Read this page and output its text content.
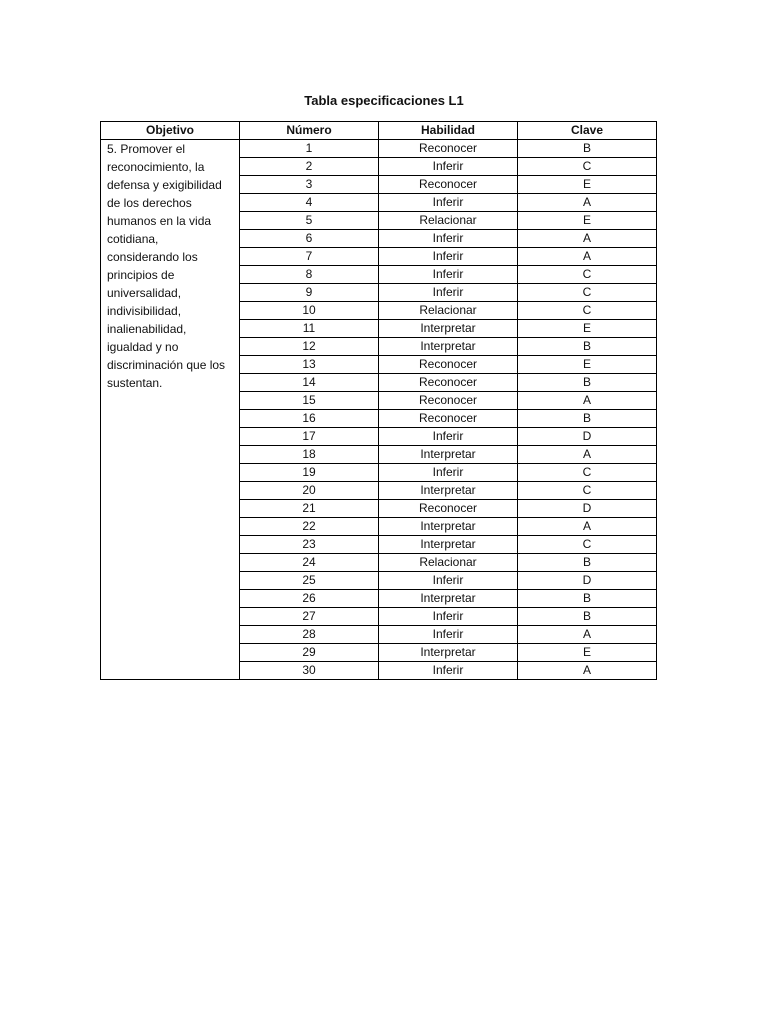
Tabla especificaciones L1
Objetivo	Número	Habilidad	Clave
5. Promover el reconocimiento, la defensa y exigibilidad de los derechos humanos en la vida cotidiana, considerando los principios de universalidad, indivisibilidad, inalienabilidad, igualdad y no discriminación que los sustentan.	1	Reconocer	B
	2	Inferir	C
	3	Reconocer	E
	4	Inferir	A
	5	Relacionar	E
	6	Inferir	A
	7	Inferir	A
	8	Inferir	C
	9	Inferir	C
	10	Relacionar	C
	11	Interpretar	E
	12	Interpretar	B
	13	Reconocer	E
	14	Reconocer	B
	15	Reconocer	A
	16	Reconocer	B
	17	Inferir	D
	18	Interpretar	A
	19	Inferir	C
	20	Interpretar	C
	21	Reconocer	D
	22	Interpretar	A
	23	Interpretar	C
	24	Relacionar	B
	25	Inferir	D
	26	Interpretar	B
	27	Inferir	B
	28	Inferir	A
	29	Interpretar	E
	30	Inferir	A
